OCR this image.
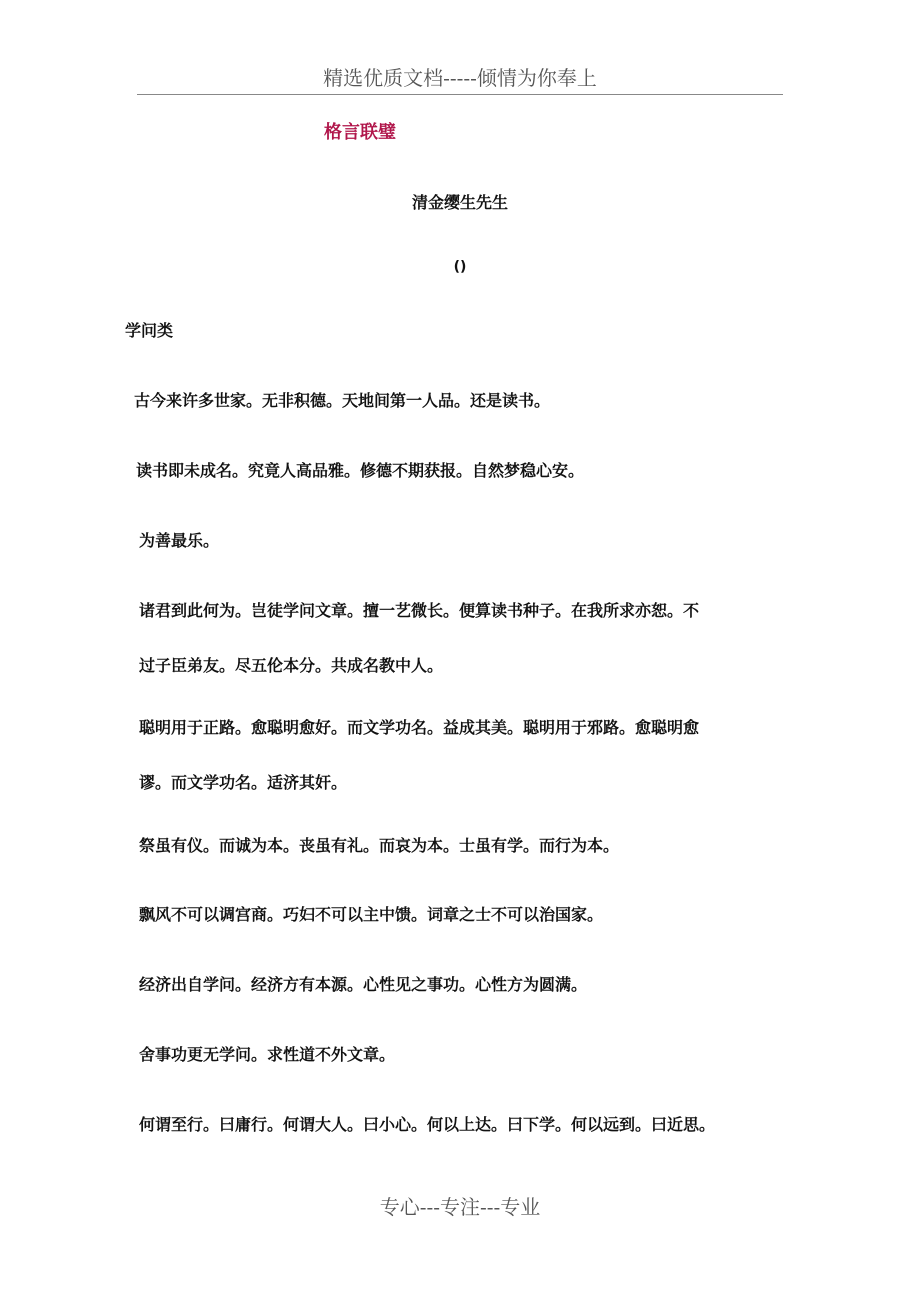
精选优质文档-----倾情为你奉上
格言联璧
清金缨生先生
()
学问类
古今来许多世家。无非积德。天地间第一人品。还是读书。
读书即未成名。究竟人高品雅。修德不期获报。自然梦稳心安。
为善最乐。
诸君到此何为。岂徒学问文章。擅一艺微长。便算读书种子。在我所求亦恕。不
过子臣弟友。尽五伦本分。共成名教中人。
聪明用于正路。愈聪明愈好。而文学功名。益成其美。聪明用于邪路。愈聪明愈
谬。而文学功名。适济其奸。
祭虽有仪。而诚为本。丧虽有礼。而哀为本。士虽有学。而行为本。
飘风不可以调宫商。巧妇不可以主中馈。词章之士不可以治国家。
经济出自学问。经济方有本源。心性见之事功。心性方为圆满。
舍事功更无学问。求性道不外文章。
何谓至行。曰庸行。何谓大人。曰小心。何以上达。曰下学。何以远到。曰近思。
专心---专注---专业
